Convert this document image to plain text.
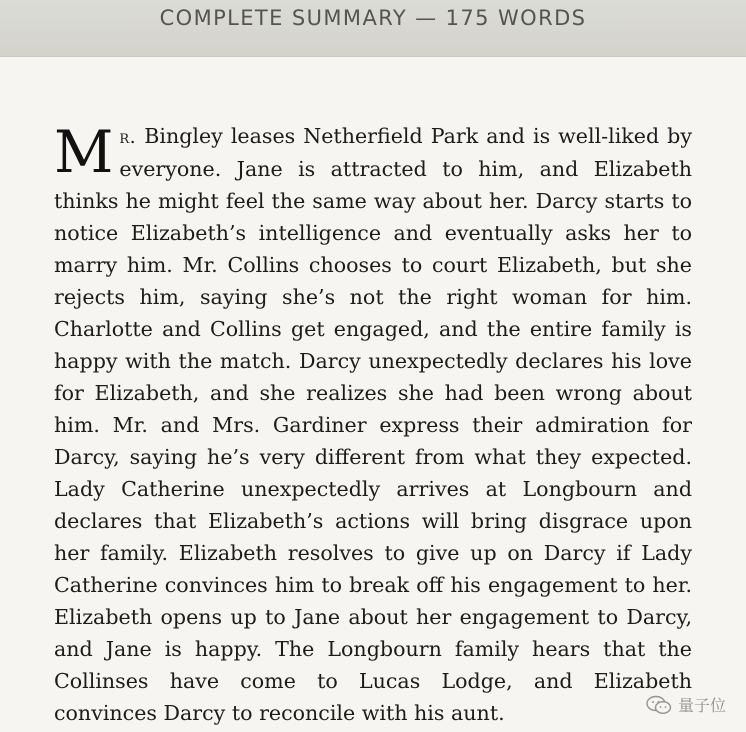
COMPLETE SUMMARY — 175 WORDS

Mr. Bingley leases Netherfield Park and is well-liked by everyone. Jane is attracted to him, and Elizabeth thinks he might feel the same way about her. Darcy starts to notice Elizabeth’s intelligence and eventually asks her to marry him. Mr. Collins chooses to court Elizabeth, but she rejects him, saying she’s not the right woman for him. Charlotte and Collins get engaged, and the entire family is happy with the match. Darcy unexpectedly declares his love for Elizabeth, and she realizes she had been wrong about him. Mr. and Mrs. Gardiner express their admiration for Darcy, saying he’s very different from what they expected. Lady Catherine unexpectedly arrives at Longbourn and declares that Elizabeth’s actions will bring disgrace upon her family. Elizabeth resolves to give up on Darcy if Lady Catherine convinces him to break off his engagement to her. Elizabeth opens up to Jane about her engagement to Darcy, and Jane is happy. The Longbourn family hears that the Collinses have come to Lucas Lodge, and Elizabeth convinces Darcy to reconcile with his aunt.	量子位
